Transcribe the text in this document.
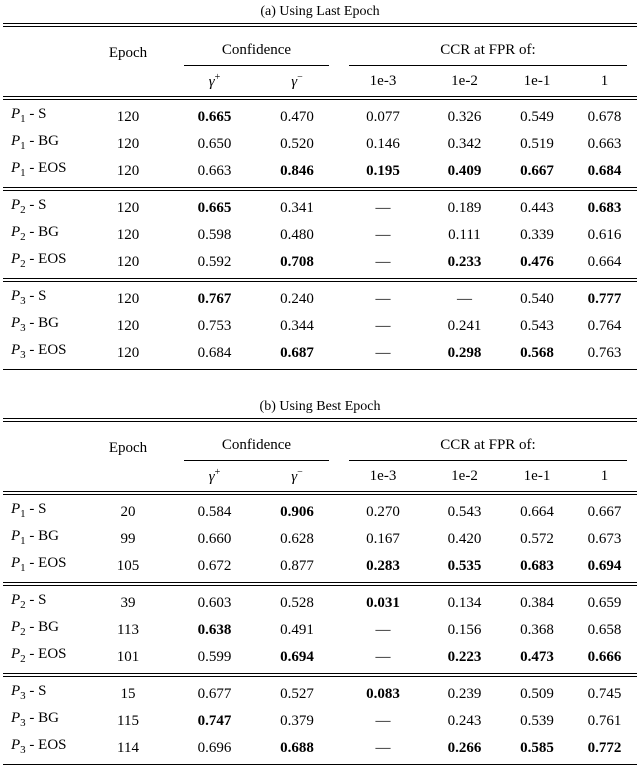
(a) Using Last Epoch
	Epoch	Confidence		CCR at FPR of:			

		γ+	γ−	1e-3	1e-2	1e-1	1
$P_1$ - S	120	0.665	0.470	0.077	0.326	0.549	0.678
$P_1$ - BG	120	0.650	0.520	0.146	0.342	0.519	0.663
$P_1$ - EOS	120	0.663	0.846	0.195	0.409	0.667	0.684
$P_2$ - S	120	0.665	0.341	—	0.189	0.443	0.683
$P_2$ - BG	120	0.598	0.480	—	0.111	0.339	0.616
$P_2$ - EOS	120	0.592	0.708	—	0.233	0.476	0.664
$P_3$ - S	120	0.767	0.240	—	—	0.540	0.777
$P_3$ - BG	120	0.753	0.344	—	0.241	0.543	0.764
$P_3$ - EOS	120	0.684	0.687	—	0.298	0.568	0.763
(b) Using Best Epoch
	Epoch	Confidence		CCR at FPR of:			

		γ+	γ−	1e-3	1e-2	1e-1	1
$P_1$ - S	20	0.584	0.906	0.270	0.543	0.664	0.667
$P_1$ - BG	99	0.660	0.628	0.167	0.420	0.572	0.673
$P_1$ - EOS	105	0.672	0.877	0.283	0.535	0.683	0.694
$P_2$ - S	39	0.603	0.528	0.031	0.134	0.384	0.659
$P_2$ - BG	113	0.638	0.491	—	0.156	0.368	0.658
$P_2$ - EOS	101	0.599	0.694	—	0.223	0.473	0.666
$P_3$ - S	15	0.677	0.527	0.083	0.239	0.509	0.745
$P_3$ - BG	115	0.747	0.379	—	0.243	0.539	0.761
$P_3$ - EOS	114	0.696	0.688	—	0.266	0.585	0.772
